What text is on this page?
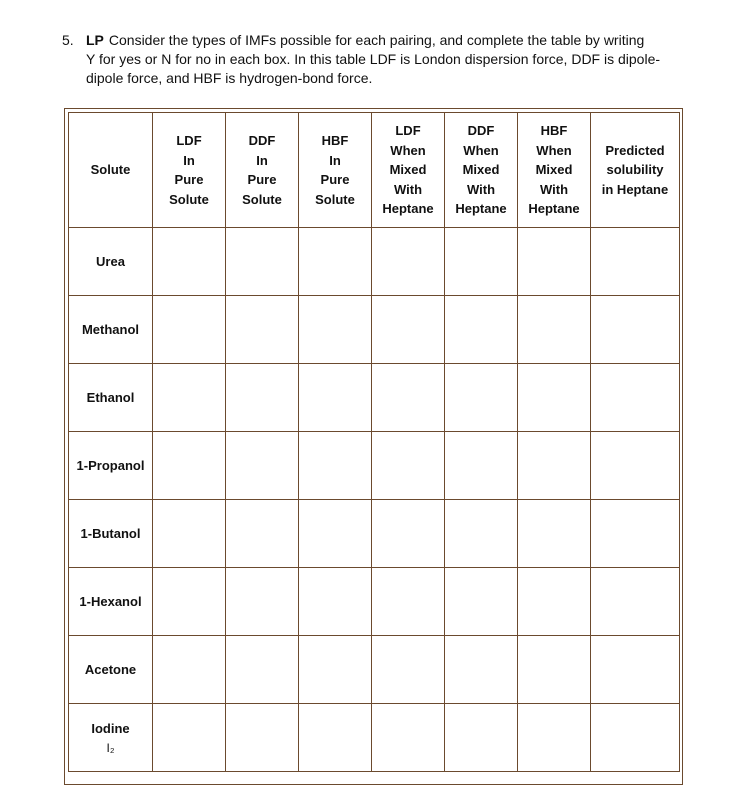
5. LP Consider the types of IMFs possible for each pairing, and complete the table by writing
Y for yes or N for no in each box. In this table LDF is London dispersion force, DDF is dipole-
dipole force, and HBF is hydrogen-bond force.
Solute	LDF
In
Pure
Solute	DDF
In
Pure
Solute	HBF
In
Pure
Solute	LDF
When
Mixed
With
Heptane	DDF
When
Mixed
With
Heptane	HBF
When
Mixed
With
Heptane	Predicted
solubility
in Heptane

Urea							

Methanol							

Ethanol							

1-Propanol							

1-Butanol							

1-Hexanol							

Acetone							

Iodine
I₂							
